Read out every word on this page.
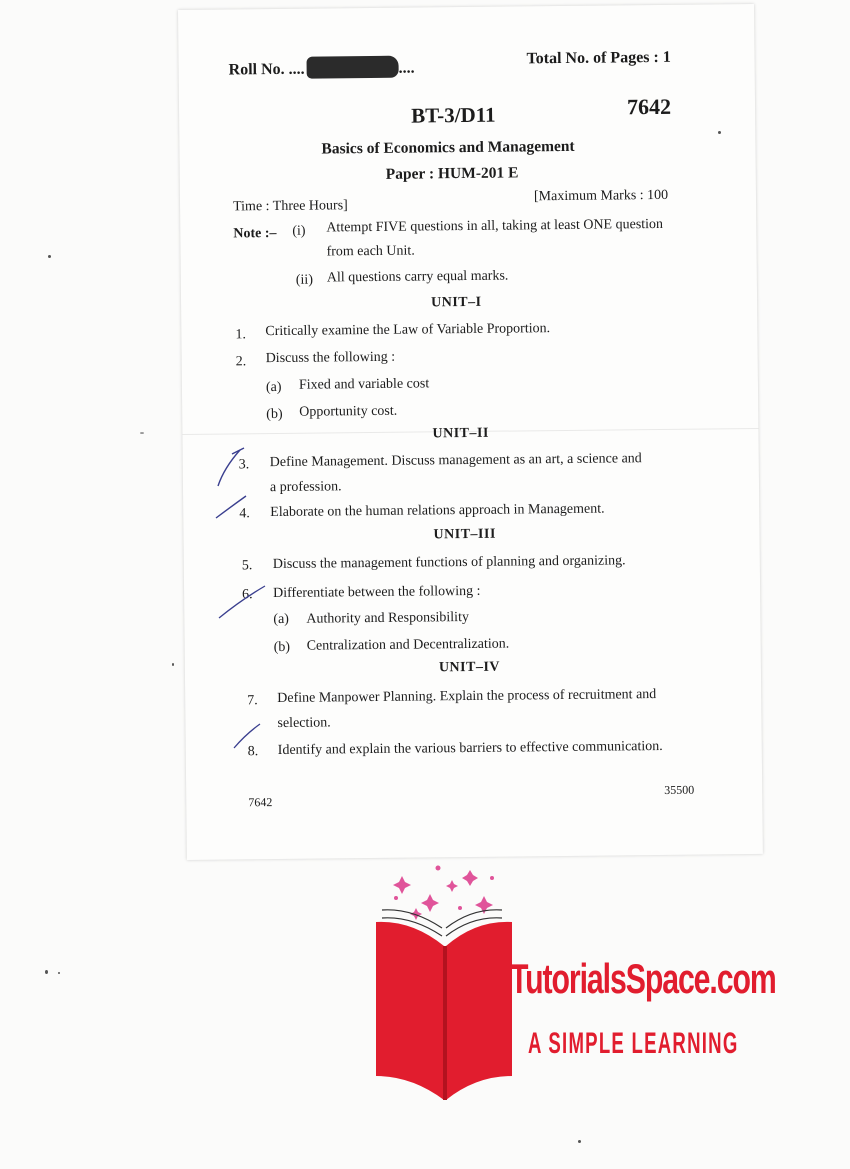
Roll No. ....	....
Total No. of Pages : 1
BT-3/D11	7642
Basics of Economics and Management
Paper : HUM-201 E
Time : Three Hours]
[Maximum Marks : 100
Note :– (i) Attempt FIVE questions in all, taking at least ONE question
from each Unit.
(ii) All questions carry equal marks.
UNIT–I
1. Critically examine the Law of Variable Proportion.
2. Discuss the following :
(a) Fixed and variable cost
(b) Opportunity cost.
UNIT–II
3. Define Management. Discuss management as an art, a science and
a profession.
4. Elaborate on the human relations approach in Management.
UNIT–III
5. Discuss the management functions of planning and organizing.
6. Differentiate between the following :
(a) Authority and Responsibility
(b) Centralization and Decentralization.
UNIT–IV
7. Define Manpower Planning. Explain the process of recruitment and
selection.
8. Identify and explain the various barriers to effective communication.
7642
35500
TutorialsSpace.com
A SIMPLE LEARNING
